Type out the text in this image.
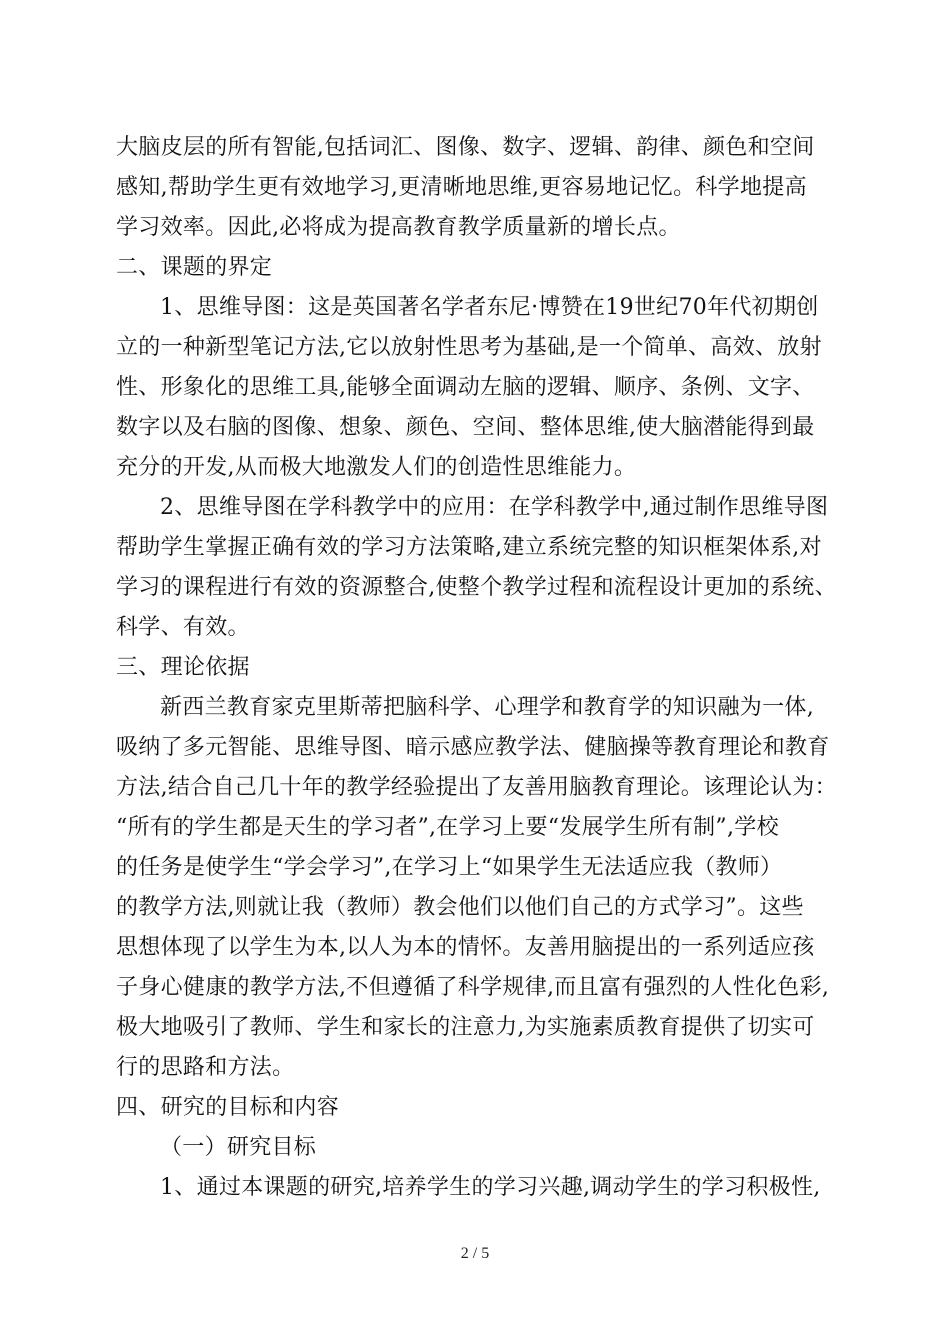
大脑皮层的所有智能,包括词汇、图像、数字、逻辑、韵律、颜色和空间
感知,帮助学生更有效地学习,更清晰地思维,更容易地记忆。科学地提高
学习效率。因此,必将成为提高教育教学质量新的增长点。
二、课题的界定
1、思维导图：这是英国著名学者东尼·博赞在19世纪70年代初期创
立的一种新型笔记方法,它以放射性思考为基础,是一个简单、高效、放射
性、形象化的思维工具,能够全面调动左脑的逻辑、顺序、条例、文字、
数字以及右脑的图像、想象、颜色、空间、整体思维,使大脑潜能得到最
充分的开发,从而极大地激发人们的创造性思维能力。
2、思维导图在学科教学中的应用：在学科教学中,通过制作思维导图
帮助学生掌握正确有效的学习方法策略,建立系统完整的知识框架体系,对
学习的课程进行有效的资源整合,使整个教学过程和流程设计更加的系统、
科学、有效。
三、理论依据
新西兰教育家克里斯蒂把脑科学、心理学和教育学的知识融为一体,
吸纳了多元智能、思维导图、暗示感应教学法、健脑操等教育理论和教育
方法,结合自己几十年的教学经验提出了友善用脑教育理论。该理论认为：
“所有的学生都是天生的学习者”,在学习上要“发展学生所有制”,学校
的任务是使学生“学会学习”,在学习上“如果学生无法适应我（教师）
的教学方法,则就让我（教师）教会他们以他们自己的方式学习”。这些
思想体现了以学生为本,以人为本的情怀。友善用脑提出的一系列适应孩
子身心健康的教学方法,不但遵循了科学规律,而且富有强烈的人性化色彩,
极大地吸引了教师、学生和家长的注意力,为实施素质教育提供了切实可
行的思路和方法。
四、研究的目标和内容
（一）研究目标
1、通过本课题的研究,培养学生的学习兴趣,调动学生的学习积极性,
2 / 5
